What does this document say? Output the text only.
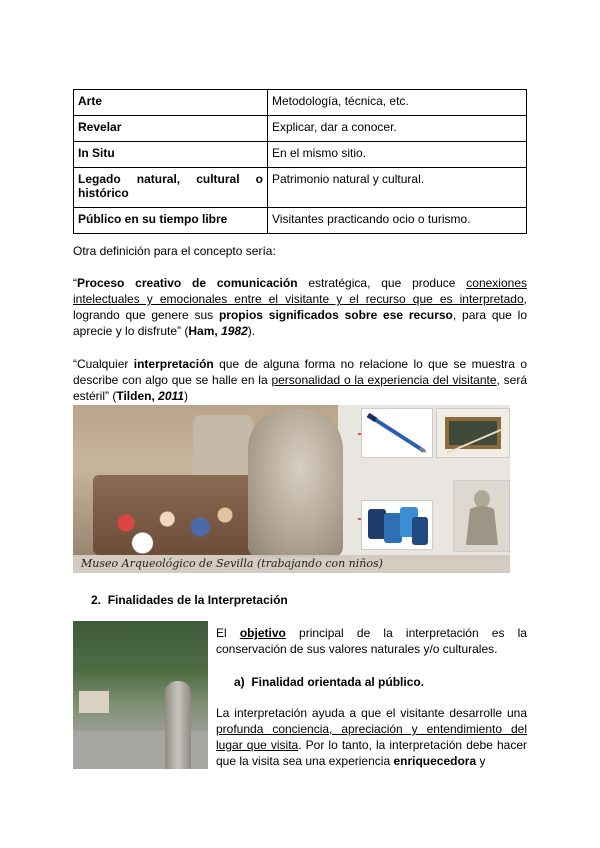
Arte	Metodología, técnica, etc.
Revelar	Explicar, dar a conocer.
In Situ	En el mismo sitio.

Legado natural, cultural o
histórico	Patrimonio natural y cultural.
Público en su tiempo libre	Visitantes practicando ocio o turismo.
Otra definición para el concepto sería:
“Proceso creativo de comunicación estratégica, que produce conexiones intelectuales y emocionales entre el visitante y el recurso que es interpretado, logrando que genere sus propios significados sobre ese recurso, para que lo aprecie y lo disfrute” (Ham, 1982).
“Cualquier interpretación que de alguna forma no relacione lo que se muestra o describe con algo que se halle en la personalidad o la experiencia del visitante, será estéril” (Tilden, 2011)
Museo Arqueológico de Sevilla (trabajando con niños)
2. Finalidades de la Interpretación
El objetivo principal de la interpretación es la conservación de sus valores naturales y/o culturales.
a) Finalidad orientada al público.
La interpretación ayuda a que el visitante desarrolle una profunda conciencia, apreciación y entendimiento del lugar que visita. Por lo tanto, la interpretación debe hacer que la visita sea una experiencia enriquecedora y
